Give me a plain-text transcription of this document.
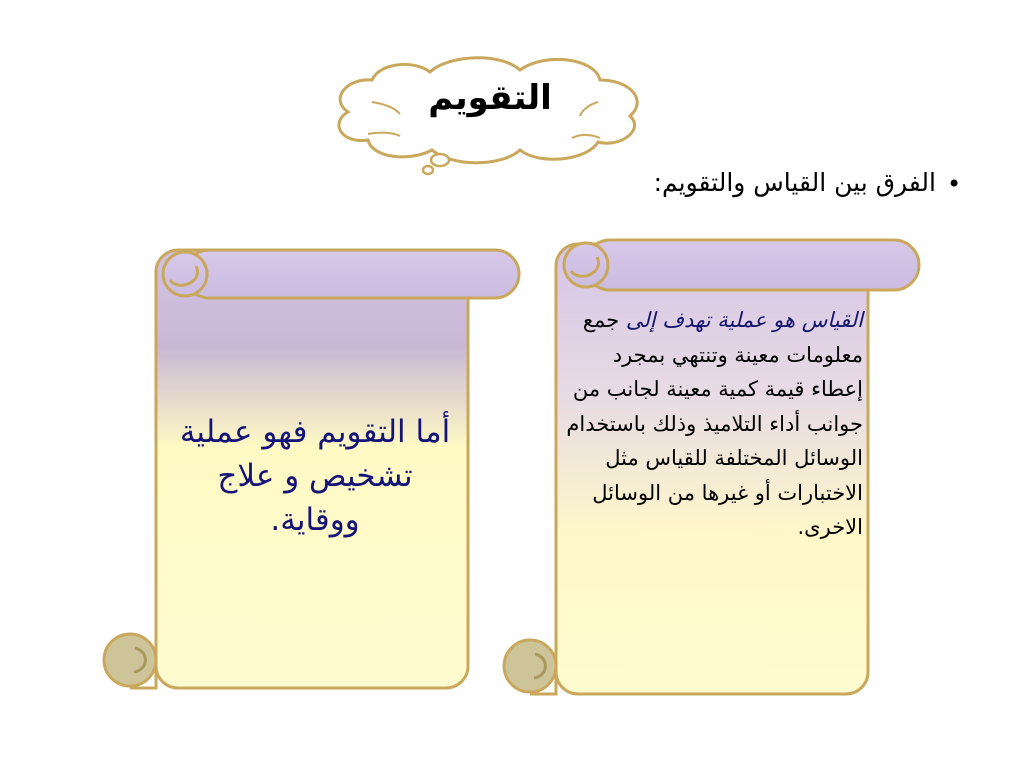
التقويم
•
الفرق بين القياس والتقويم:
أما التقويم فهو عملية تشخيص و علاج ووقاية.
القياس هو عملية تهدف إلى جمع معلومات معينة وتنتهي بمجرد إعطاء قيمة كمية معينة لجانب من جوانب أداء التلاميذ وذلك باستخدام الوسائل المختلفة للقياس مثل الاختبارات أو غيرها من الوسائل الاخرى.
